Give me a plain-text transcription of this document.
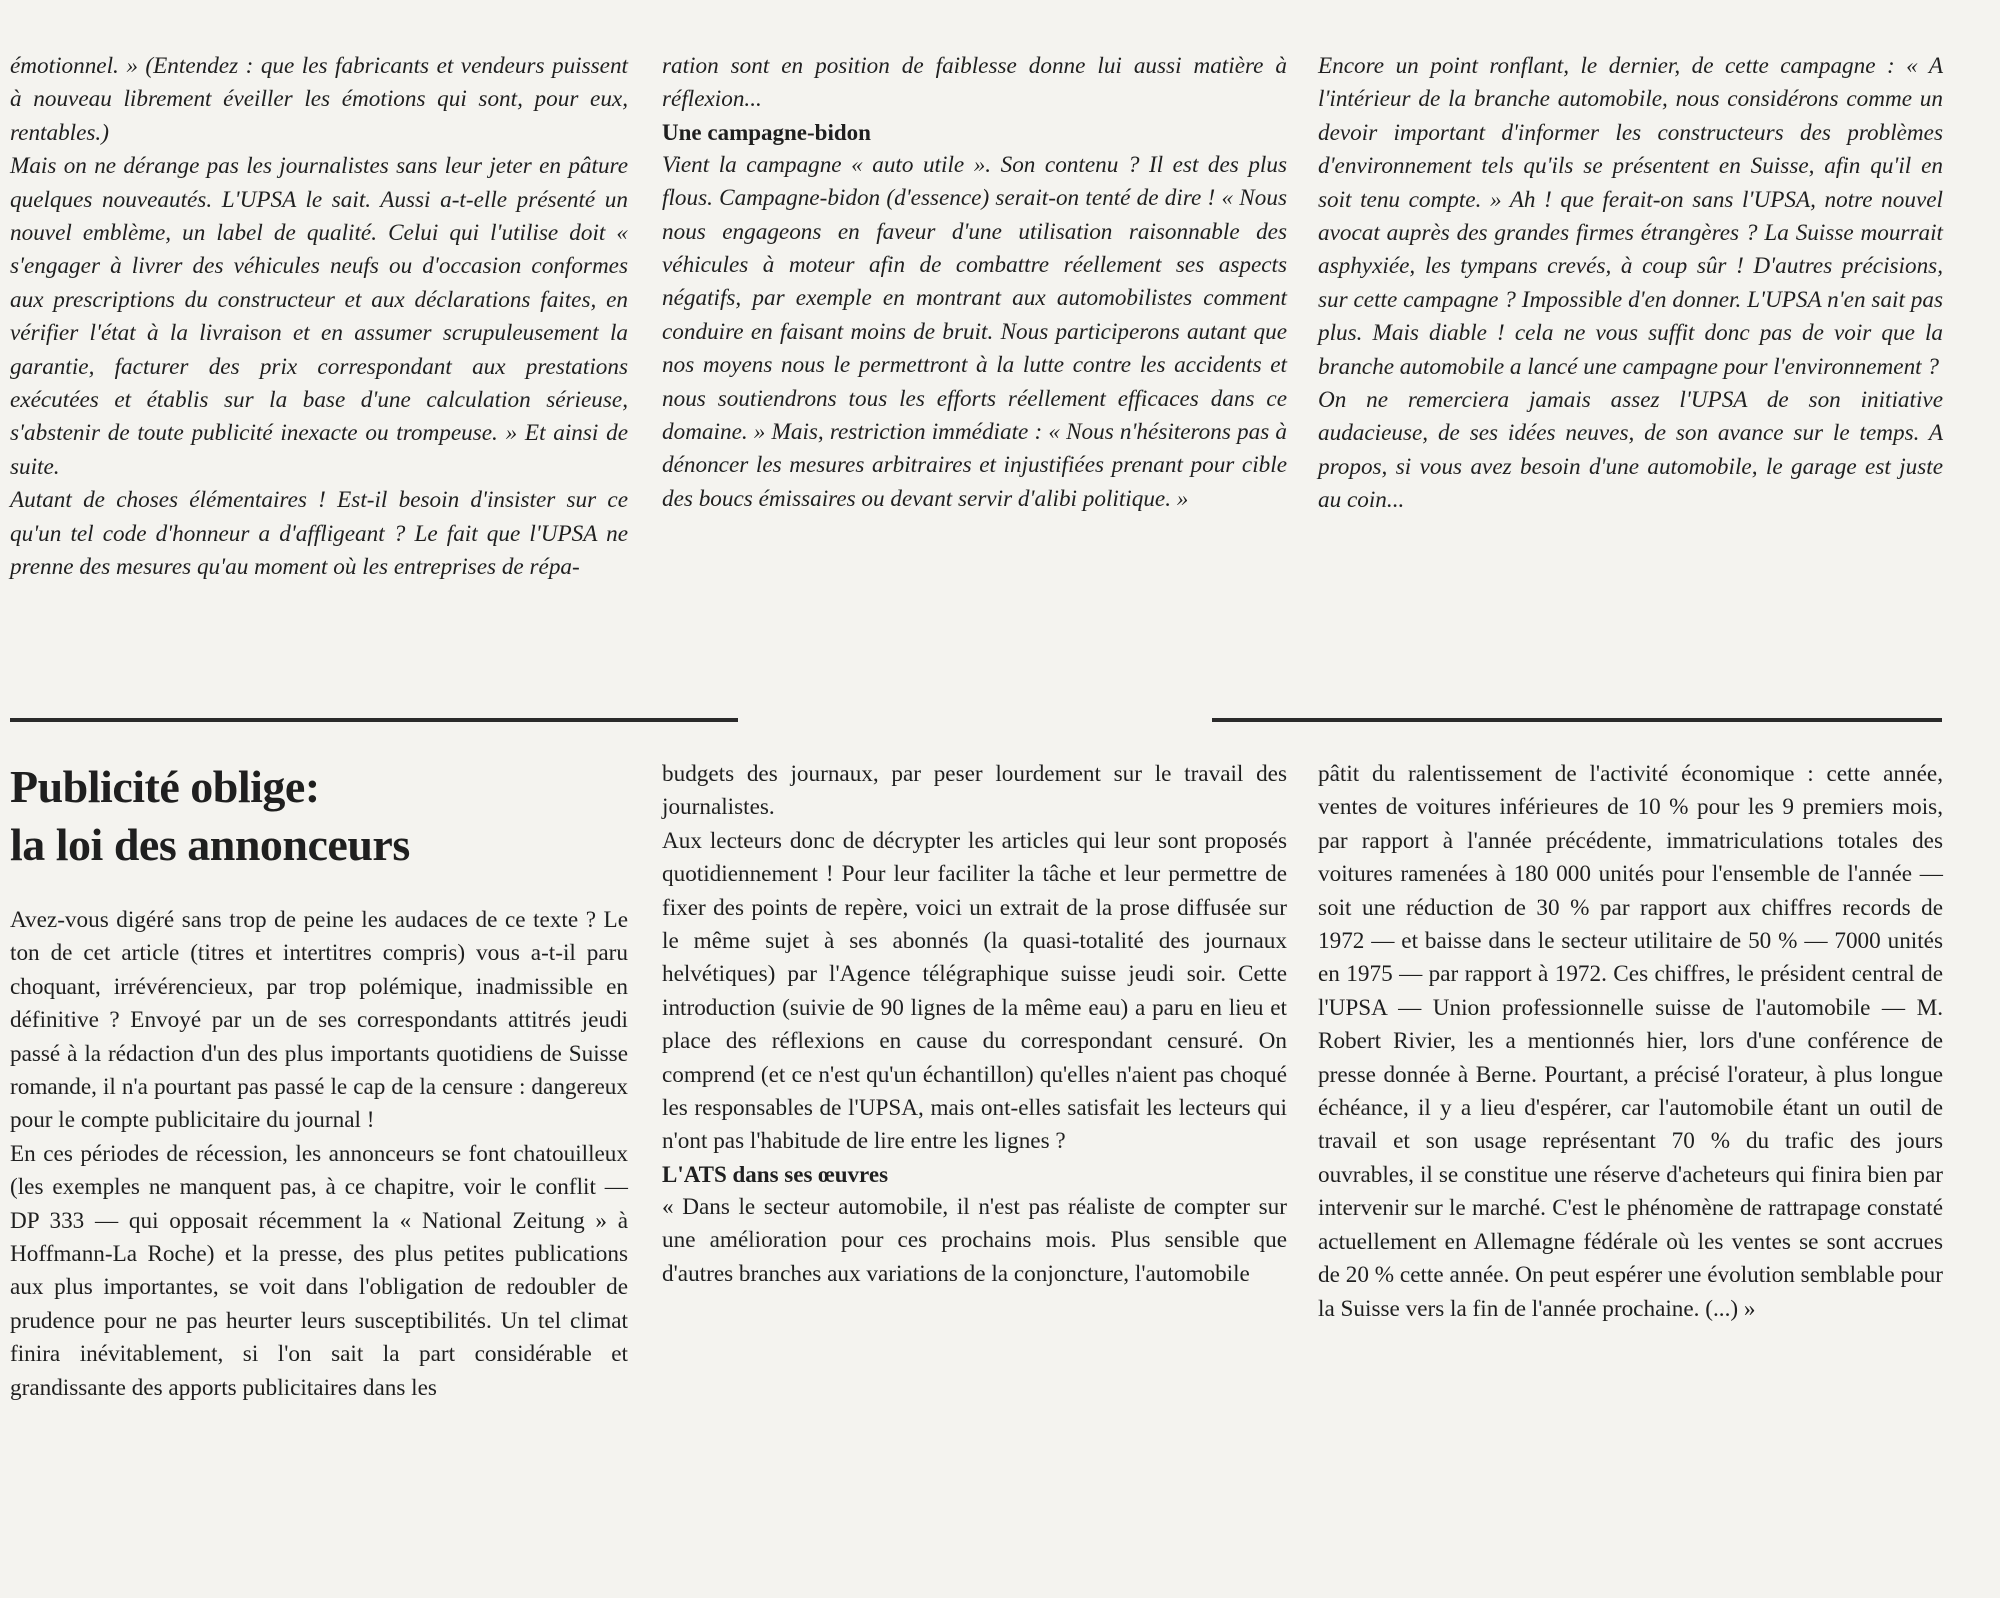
émotionnel. » (Entendez : que les fabricants et vendeurs puissent à nouveau librement éveiller les émotions qui sont, pour eux, rentables.)

Mais on ne dérange pas les journalistes sans leur jeter en pâture quelques nouveautés. L'UPSA le sait. Aussi a-t-elle présenté un nouvel emblème, un label de qualité. Celui qui l'utilise doit « s'engager à livrer des véhicules neufs ou d'occasion conformes aux prescriptions du constructeur et aux déclarations faites, en vérifier l'état à la livraison et en assumer scrupuleusement la garantie, facturer des prix correspondant aux prestations exécutées et établis sur la base d'une calculation sérieuse, s'abstenir de toute publicité inexacte ou trompeuse. » Et ainsi de suite.

Autant de choses élémentaires ! Est-il besoin d'insister sur ce qu'un tel code d'honneur a d'affligeant ? Le fait que l'UPSA ne prenne des mesures qu'au moment où les entreprises de répa-

ration sont en position de faiblesse donne lui aussi matière à réflexion...

Une campagne-bidon

Vient la campagne « auto utile ». Son contenu ? Il est des plus flous. Campagne-bidon (d'essence) serait-on tenté de dire ! « Nous nous engageons en faveur d'une utilisation raisonnable des véhicules à moteur afin de combattre réellement ses aspects négatifs, par exemple en montrant aux automobilistes comment conduire en faisant moins de bruit. Nous participerons autant que nos moyens nous le permettront à la lutte contre les accidents et nous soutiendrons tous les efforts réellement efficaces dans ce domaine. » Mais, restriction immédiate : « Nous n'hésiterons pas à dénoncer les mesures arbitraires et injustifiées prenant pour cible des boucs émissaires ou devant servir d'alibi politique. »

Encore un point ronflant, le dernier, de cette campagne : « A l'intérieur de la branche automobile, nous considérons comme un devoir important d'informer les constructeurs des problèmes d'environnement tels qu'ils se présentent en Suisse, afin qu'il en soit tenu compte. » Ah ! que ferait-on sans l'UPSA, notre nouvel avocat auprès des grandes firmes étrangères ? La Suisse mourrait asphyxiée, les tympans crevés, à coup sûr ! D'autres précisions, sur cette campagne ? Impossible d'en donner. L'UPSA n'en sait pas plus. Mais diable ! cela ne vous suffit donc pas de voir que la branche automobile a lancé une campagne pour l'environnement ?

On ne remerciera jamais assez l'UPSA de son initiative audacieuse, de ses idées neuves, de son avance sur le temps. A propos, si vous avez besoin d'une automobile, le garage est juste au coin...

Publicité oblige:
la loi des annonceurs

Avez-vous digéré sans trop de peine les audaces de ce texte ? Le ton de cet article (titres et intertitres compris) vous a-t-il paru choquant, irrévérencieux, par trop polémique, inadmissible en définitive ? Envoyé par un de ses correspondants attitrés jeudi passé à la rédaction d'un des plus importants quotidiens de Suisse romande, il n'a pourtant pas passé le cap de la censure : dangereux pour le compte publicitaire du journal !

En ces périodes de récession, les annonceurs se font chatouilleux (les exemples ne manquent pas, à ce chapitre, voir le conflit — DP 333 — qui opposait récemment la « National Zeitung » à Hoffmann-La Roche) et la presse, des plus petites publications aux plus importantes, se voit dans l'obligation de redoubler de prudence pour ne pas heurter leurs susceptibilités. Un tel climat finira inévitablement, si l'on sait la part considérable et grandissante des apports publicitaires dans les

budgets des journaux, par peser lourdement sur le travail des journalistes.

Aux lecteurs donc de décrypter les articles qui leur sont proposés quotidiennement ! Pour leur faciliter la tâche et leur permettre de fixer des points de repère, voici un extrait de la prose diffusée sur le même sujet à ses abonnés (la quasi-totalité des journaux helvétiques) par l'Agence télégraphique suisse jeudi soir. Cette introduction (suivie de 90 lignes de la même eau) a paru en lieu et place des réflexions en cause du correspondant censuré. On comprend (et ce n'est qu'un échantillon) qu'elles n'aient pas choqué les responsables de l'UPSA, mais ont-elles satisfait les lecteurs qui n'ont pas l'habitude de lire entre les lignes ?

L'ATS dans ses œuvres

« Dans le secteur automobile, il n'est pas réaliste de compter sur une amélioration pour ces prochains mois. Plus sensible que d'autres branches aux variations de la conjoncture, l'automobile

pâtit du ralentissement de l'activité économique : cette année, ventes de voitures inférieures de 10 % pour les 9 premiers mois, par rapport à l'année précédente, immatriculations totales des voitures ramenées à 180 000 unités pour l'ensemble de l'année — soit une réduction de 30 % par rapport aux chiffres records de 1972 — et baisse dans le secteur utilitaire de 50 % — 7000 unités en 1975 — par rapport à 1972. Ces chiffres, le président central de l'UPSA — Union professionnelle suisse de l'automobile — M. Robert Rivier, les a mentionnés hier, lors d'une conférence de presse donnée à Berne. Pourtant, a précisé l'orateur, à plus longue échéance, il y a lieu d'espérer, car l'automobile étant un outil de travail et son usage représentant 70 % du trafic des jours ouvrables, il se constitue une réserve d'acheteurs qui finira bien par intervenir sur le marché. C'est le phénomène de rattrapage constaté actuellement en Allemagne fédérale où les ventes se sont accrues de 20 % cette année. On peut espérer une évolution semblable pour la Suisse vers la fin de l'année prochaine. (...) »
